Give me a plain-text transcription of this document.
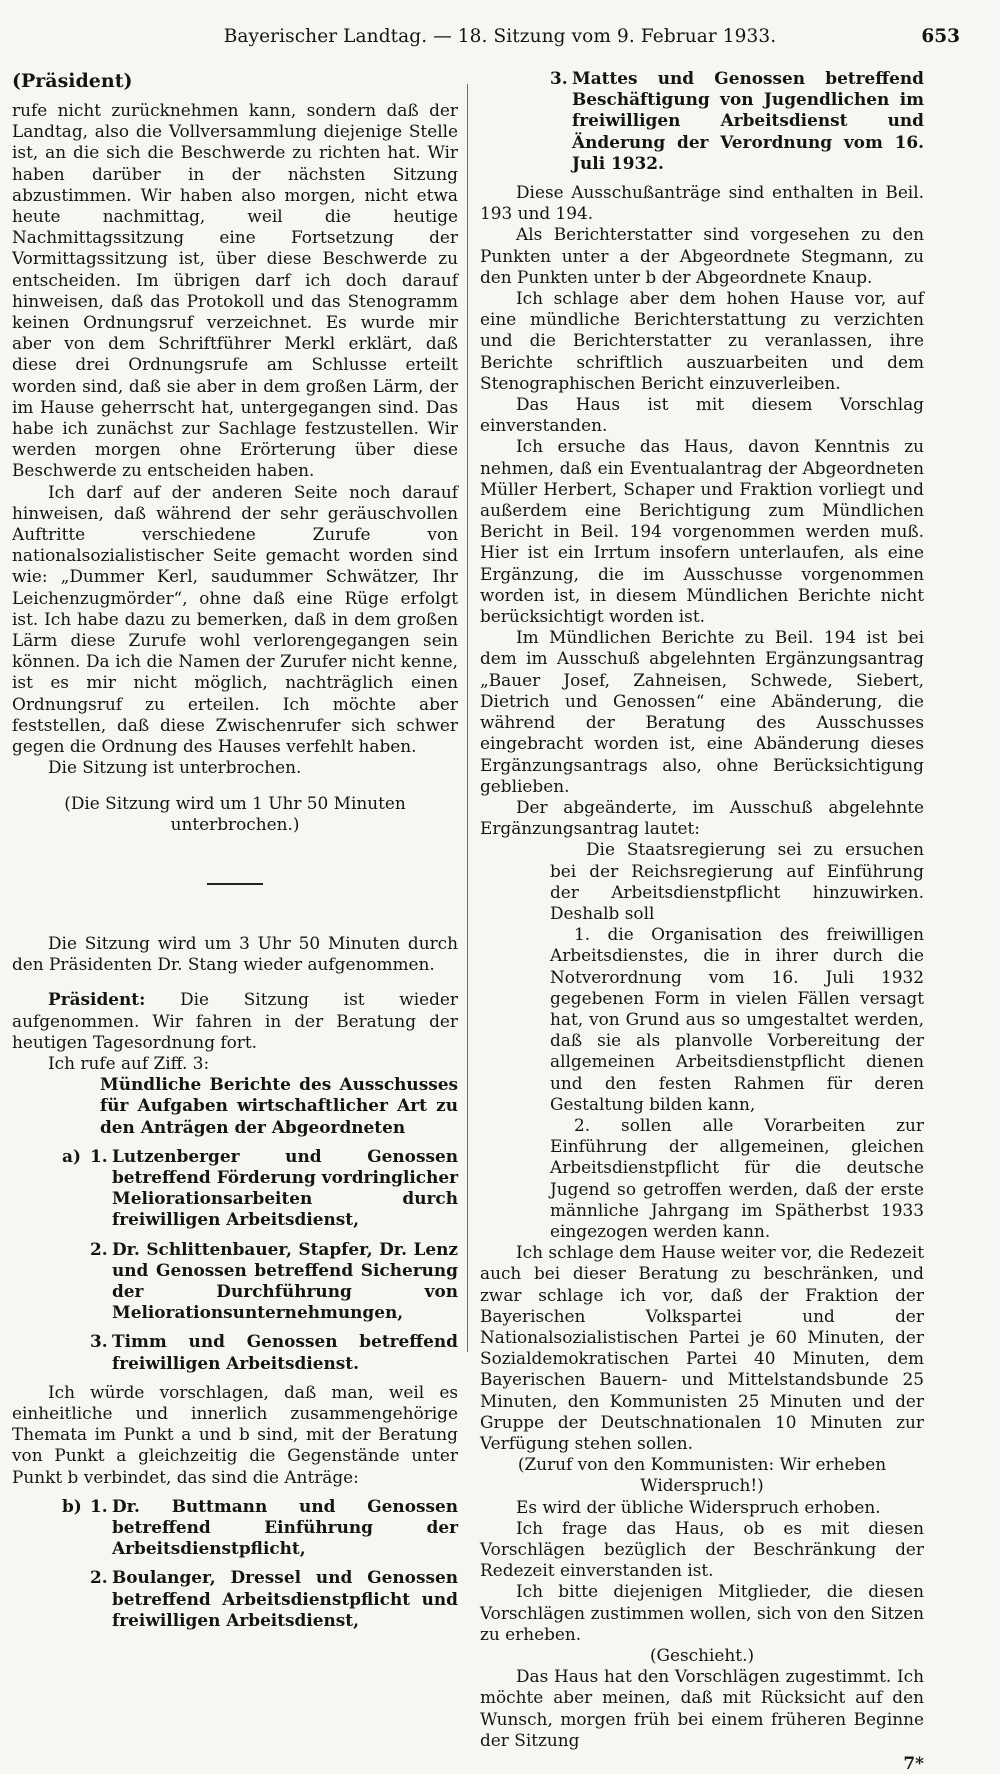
Bayerischer Landtag. — 18. Sitzung vom 9. Februar 1933.	653

(Präsident)

rufe nicht zurücknehmen kann, sondern daß der Landtag, also die Vollversammlung diejenige Stelle ist, an die sich die Beschwerde zu richten hat. Wir haben darüber in der nächsten Sitzung abzustimmen. Wir haben also morgen, nicht etwa heute nachmittag, weil die heutige Nachmittagssitzung eine Fortsetzung der Vormittagssitzung ist, über diese Beschwerde zu entscheiden. Im übrigen darf ich doch darauf hinweisen, daß das Protokoll und das Stenogramm keinen Ordnungsruf verzeichnet. Es wurde mir aber von dem Schriftführer Merkl erklärt, daß diese drei Ordnungsrufe am Schlusse erteilt worden sind, daß sie aber in dem großen Lärm, der im Hause geherrscht hat, untergegangen sind. Das habe ich zunächst zur Sachlage festzustellen. Wir werden morgen ohne Erörterung über diese Beschwerde zu entscheiden haben.

Ich darf auf der anderen Seite noch darauf hinweisen, daß während der sehr geräuschvollen Auftritte verschiedene Zurufe von nationalsozialistischer Seite gemacht worden sind wie: „Dummer Kerl, saudummer Schwätzer, Ihr Leichenzugmörder“, ohne daß eine Rüge erfolgt ist. Ich habe dazu zu bemerken, daß in dem großen Lärm diese Zurufe wohl verlorengegangen sein können. Da ich die Namen der Zurufer nicht kenne, ist es mir nicht möglich, nachträglich einen Ordnungsruf zu erteilen. Ich möchte aber feststellen, daß diese Zwischenrufer sich schwer gegen die Ordnung des Hauses verfehlt haben.

Die Sitzung ist unterbrochen.

(Die Sitzung wird um 1 Uhr 50 Minuten unterbrochen.)

Die Sitzung wird um 3 Uhr 50 Minuten durch den Präsidenten Dr. Stang wieder aufgenommen.

Präsident: Die Sitzung ist wieder aufgenommen. Wir fahren in der Beratung der heutigen Tagesordnung fort.

Ich rufe auf Ziff. 3:

Mündliche Berichte des Ausschusses für Aufgaben wirtschaftlicher Art zu den Anträgen der Abgeordneten

a) 1. Lutzenberger und Genossen betreffend Förderung vordringlicher Meliorationsarbeiten durch freiwilligen Arbeitsdienst,
2. Dr. Schlittenbauer, Stapfer, Dr. Lenz und Genossen betreffend Sicherung der Durchführung von Meliorationsunternehmungen,
3. Timm und Genossen betreffend freiwilligen Arbeitsdienst.

Ich würde vorschlagen, daß man, weil es einheitliche und innerlich zusammengehörige Themata im Punkt a und b sind, mit der Beratung von Punkt a gleichzeitig die Gegenstände unter Punkt b verbindet, das sind die Anträge:

b) 1. Dr. Buttmann und Genossen betreffend Einführung der Arbeitsdienstpflicht,
2. Boulanger, Dressel und Genossen betreffend Arbeitsdienstpflicht und freiwilligen Arbeitsdienst,
3. Mattes und Genossen betreffend Beschäftigung von Jugendlichen im freiwilligen Arbeitsdienst und Änderung der Verordnung vom 16. Juli 1932.

Diese Ausschußanträge sind enthalten in Beil. 193 und 194.

Als Berichterstatter sind vorgesehen zu den Punkten unter a der Abgeordnete Stegmann, zu den Punkten unter b der Abgeordnete Knaup.

Ich schlage aber dem hohen Hause vor, auf eine mündliche Berichterstattung zu verzichten und die Berichterstatter zu veranlassen, ihre Berichte schriftlich auszuarbeiten und dem Stenographischen Bericht einzuverleiben.

Das Haus ist mit diesem Vorschlag einverstanden.

Ich ersuche das Haus, davon Kenntnis zu nehmen, daß ein Eventualantrag der Abgeordneten Müller Herbert, Schaper und Fraktion vorliegt und außerdem eine Berichtigung zum Mündlichen Bericht in Beil. 194 vorgenommen werden muß. Hier ist ein Irrtum insofern unterlaufen, als eine Ergänzung, die im Ausschusse vorgenommen worden ist, in diesem Mündlichen Berichte nicht berücksichtigt worden ist.

Im Mündlichen Berichte zu Beil. 194 ist bei dem im Ausschuß abgelehnten Ergänzungsantrag „Bauer Josef, Zahneisen, Schwede, Siebert, Dietrich und Genossen“ eine Abänderung, die während der Beratung des Ausschusses eingebracht worden ist, eine Abänderung dieses Ergänzungsantrags also, ohne Berücksichtigung geblieben.

Der abgeänderte, im Ausschuß abgelehnte Ergänzungsantrag lautet:

Die Staatsregierung sei zu ersuchen bei der Reichsregierung auf Einführung der Arbeitsdienstpflicht hinzuwirken. Deshalb soll

1. die Organisation des freiwilligen Arbeitsdienstes, die in ihrer durch die Notverordnung vom 16. Juli 1932 gegebenen Form in vielen Fällen versagt hat, von Grund aus so umgestaltet werden, daß sie als planvolle Vorbereitung der allgemeinen Arbeitsdienstpflicht dienen und den festen Rahmen für deren Gestaltung bilden kann,

2. sollen alle Vorarbeiten zur Einführung der allgemeinen, gleichen Arbeitsdienstpflicht für die deutsche Jugend so getroffen werden, daß der erste männliche Jahrgang im Spätherbst 1933 eingezogen werden kann.

Ich schlage dem Hause weiter vor, die Redezeit auch bei dieser Beratung zu beschränken, und zwar schlage ich vor, daß der Fraktion der Bayerischen Volkspartei und der Nationalsozialistischen Partei je 60 Minuten, der Sozialdemokratischen Partei 40 Minuten, dem Bayerischen Bauern- und Mittelstandsbunde 25 Minuten, den Kommunisten 25 Minuten und der Gruppe der Deutschnationalen 10 Minuten zur Verfügung stehen sollen.

(Zuruf von den Kommunisten: Wir erheben Widerspruch!)

Es wird der übliche Widerspruch erhoben.

Ich frage das Haus, ob es mit diesen Vorschlägen bezüglich der Beschränkung der Redezeit einverstanden ist.

Ich bitte diejenigen Mitglieder, die diesen Vorschlägen zustimmen wollen, sich von den Sitzen zu erheben.

(Geschieht.)

Das Haus hat den Vorschlägen zugestimmt. Ich möchte aber meinen, daß mit Rücksicht auf den Wunsch, morgen früh bei einem früheren Beginne der Sitzung

7*
